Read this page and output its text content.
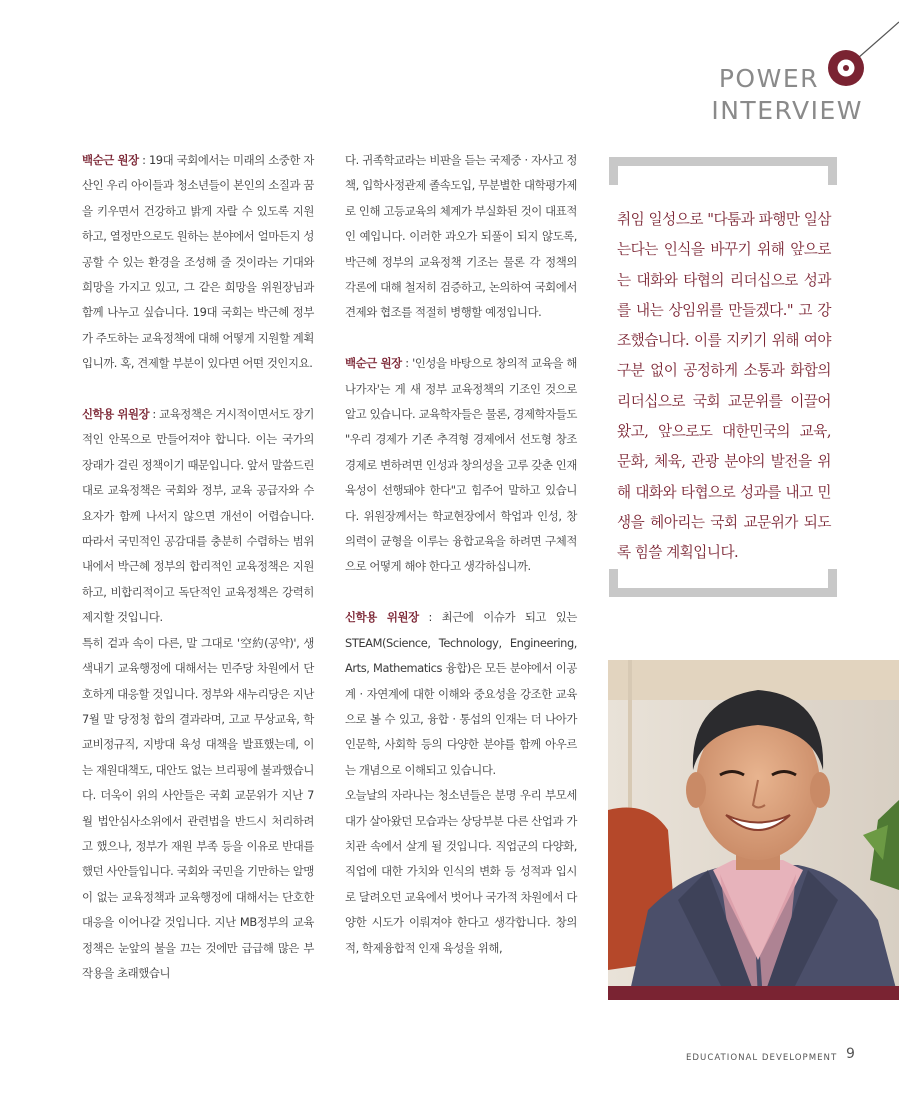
POWER
INTERVIEW

백순근 원장 : 19대 국회에서는 미래의 소중한 자산인 우리 아이들과 청소년들이 본인의 소질과 꿈을 키우면서 건강하고 밝게 자랄 수 있도록 지원하고, 열정만으로도 원하는 분야에서 얼마든지 성공할 수 있는 환경을 조성해 줄 것이라는 기대와 희망을 가지고 있고, 그 같은 희망을 위원장님과 함께 나누고 싶습니다. 19대 국회는 박근혜 정부가 주도하는 교육정책에 대해 어떻게 지원할 계획입니까. 혹, 견제할 부분이 있다면 어떤 것인지요.

신학용 위원장 : 교육정책은 거시적이면서도 장기적인 안목으로 만들어져야 합니다. 이는 국가의 장래가 걸린 정책이기 때문입니다. 앞서 말씀드린 대로 교육정책은 국회와 정부, 교육 공급자와 수요자가 함께 나서지 않으면 개선이 어렵습니다. 따라서 국민적인 공감대를 충분히 수렴하는 범위 내에서 박근혜 정부의 합리적인 교육정책은 지원하고, 비합리적이고 독단적인 교육정책은 강력히 제지할 것입니다.

특히 겉과 속이 다른, 말 그대로 '空約(공약)', 생색내기 교육행정에 대해서는 민주당 차원에서 단호하게 대응할 것입니다. 정부와 새누리당은 지난 7월 말 당정청 합의 결과라며, 고교 무상교육, 학교비정규직, 지방대 육성 대책을 발표했는데, 이는 재원대책도, 대안도 없는 브리핑에 불과했습니다. 더욱이 위의 사안들은 국회 교문위가 지난 7월 법안심사소위에서 관련법을 반드시 처리하려고 했으나, 정부가 재원 부족 등을 이유로 반대를 했던 사안들입니다. 국회와 국민을 기만하는 알맹이 없는 교육정책과 교육행정에 대해서는 단호한 대응을 이어나갈 것입니다. 지난 MB정부의 교육정책은 눈앞의 불을 끄는 것에만 급급해 많은 부작용을 초래했습니

다. 귀족학교라는 비판을 듣는 국제중 · 자사고 정책, 입학사정관제 졸속도입, 무분별한 대학평가제로 인해 고등교육의 체계가 부실화된 것이 대표적인 예입니다. 이러한 과오가 되풀이 되지 않도록, 박근혜 정부의 교육정책 기조는 물론 각 정책의 각론에 대해 철저히 검증하고, 논의하여 국회에서 견제와 협조를 적절히 병행할 예정입니다.

백순근 원장 : '인성을 바탕으로 창의적 교육을 해 나가자'는 게 새 정부 교육정책의 기조인 것으로 알고 있습니다. 교육학자들은 물론, 경제학자들도 "우리 경제가 기존 추격형 경제에서 선도형 창조경제로 변하려면 인성과 창의성을 고루 갖춘 인재 육성이 선행돼야 한다"고 힘주어 말하고 있습니다. 위원장께서는 학교현장에서 학업과 인성, 창의력이 균형을 이루는 융합교육을 하려면 구체적으로 어떻게 해야 한다고 생각하십니까.

신학용 위원장 : 최근에 이슈가 되고 있는 STEAM(Science, Technology, Engineering, Arts, Mathematics 융합)은 모든 분야에서 이공계 · 자연계에 대한 이해와 중요성을 강조한 교육으로 볼 수 있고, 융합 · 통섭의 인재는 더 나아가 인문학, 사회학 등의 다양한 분야를 함께 아우르는 개념으로 이해되고 있습니다.

오늘날의 자라나는 청소년들은 분명 우리 부모세대가 살아왔던 모습과는 상당부분 다른 산업과 가치관 속에서 살게 될 것입니다. 직업군의 다양화, 직업에 대한 가치와 인식의 변화 등 성적과 입시로 달려오던 교육에서 벗어나 국가적 차원에서 다양한 시도가 이뤄져야 한다고 생각합니다. 창의적, 학제융합적 인재 육성을 위해,

취임 일성으로 "다툼과 파행만 일삼는다는 인식을 바꾸기 위해 앞으로는 대화와 타협의 리더십으로 성과를 내는 상임위를 만들겠다." 고 강조했습니다. 이를 지키기 위해 여야 구분 없이 공정하게 소통과 화합의 리더십으로 국회 교문위를 이끌어 왔고, 앞으로도 대한민국의 교육, 문화, 체육, 관광 분야의 발전을 위해 대화와 타협으로 성과를 내고 민생을 헤아리는 국회 교문위가 되도록 힘쓸 계획입니다.
EDUCATIONAL DEVELOPMENT 9
